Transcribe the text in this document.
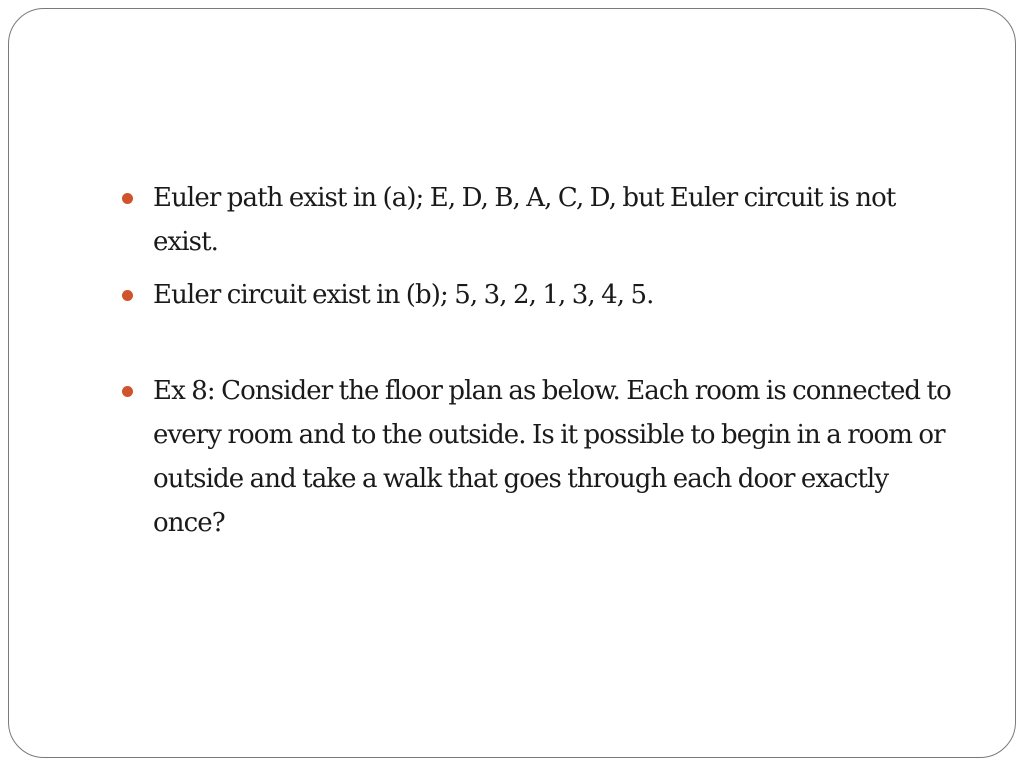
Euler path exist in (a); E, D, B, A, C, D, but Euler circuit is not exist.
Euler circuit exist in (b); 5, 3, 2, 1, 3, 4, 5.
Ex 8: Consider the floor plan as below. Each room is connected to every room and to the outside. Is it possible to begin in a room or outside and take a walk that goes through each door exactly once?
